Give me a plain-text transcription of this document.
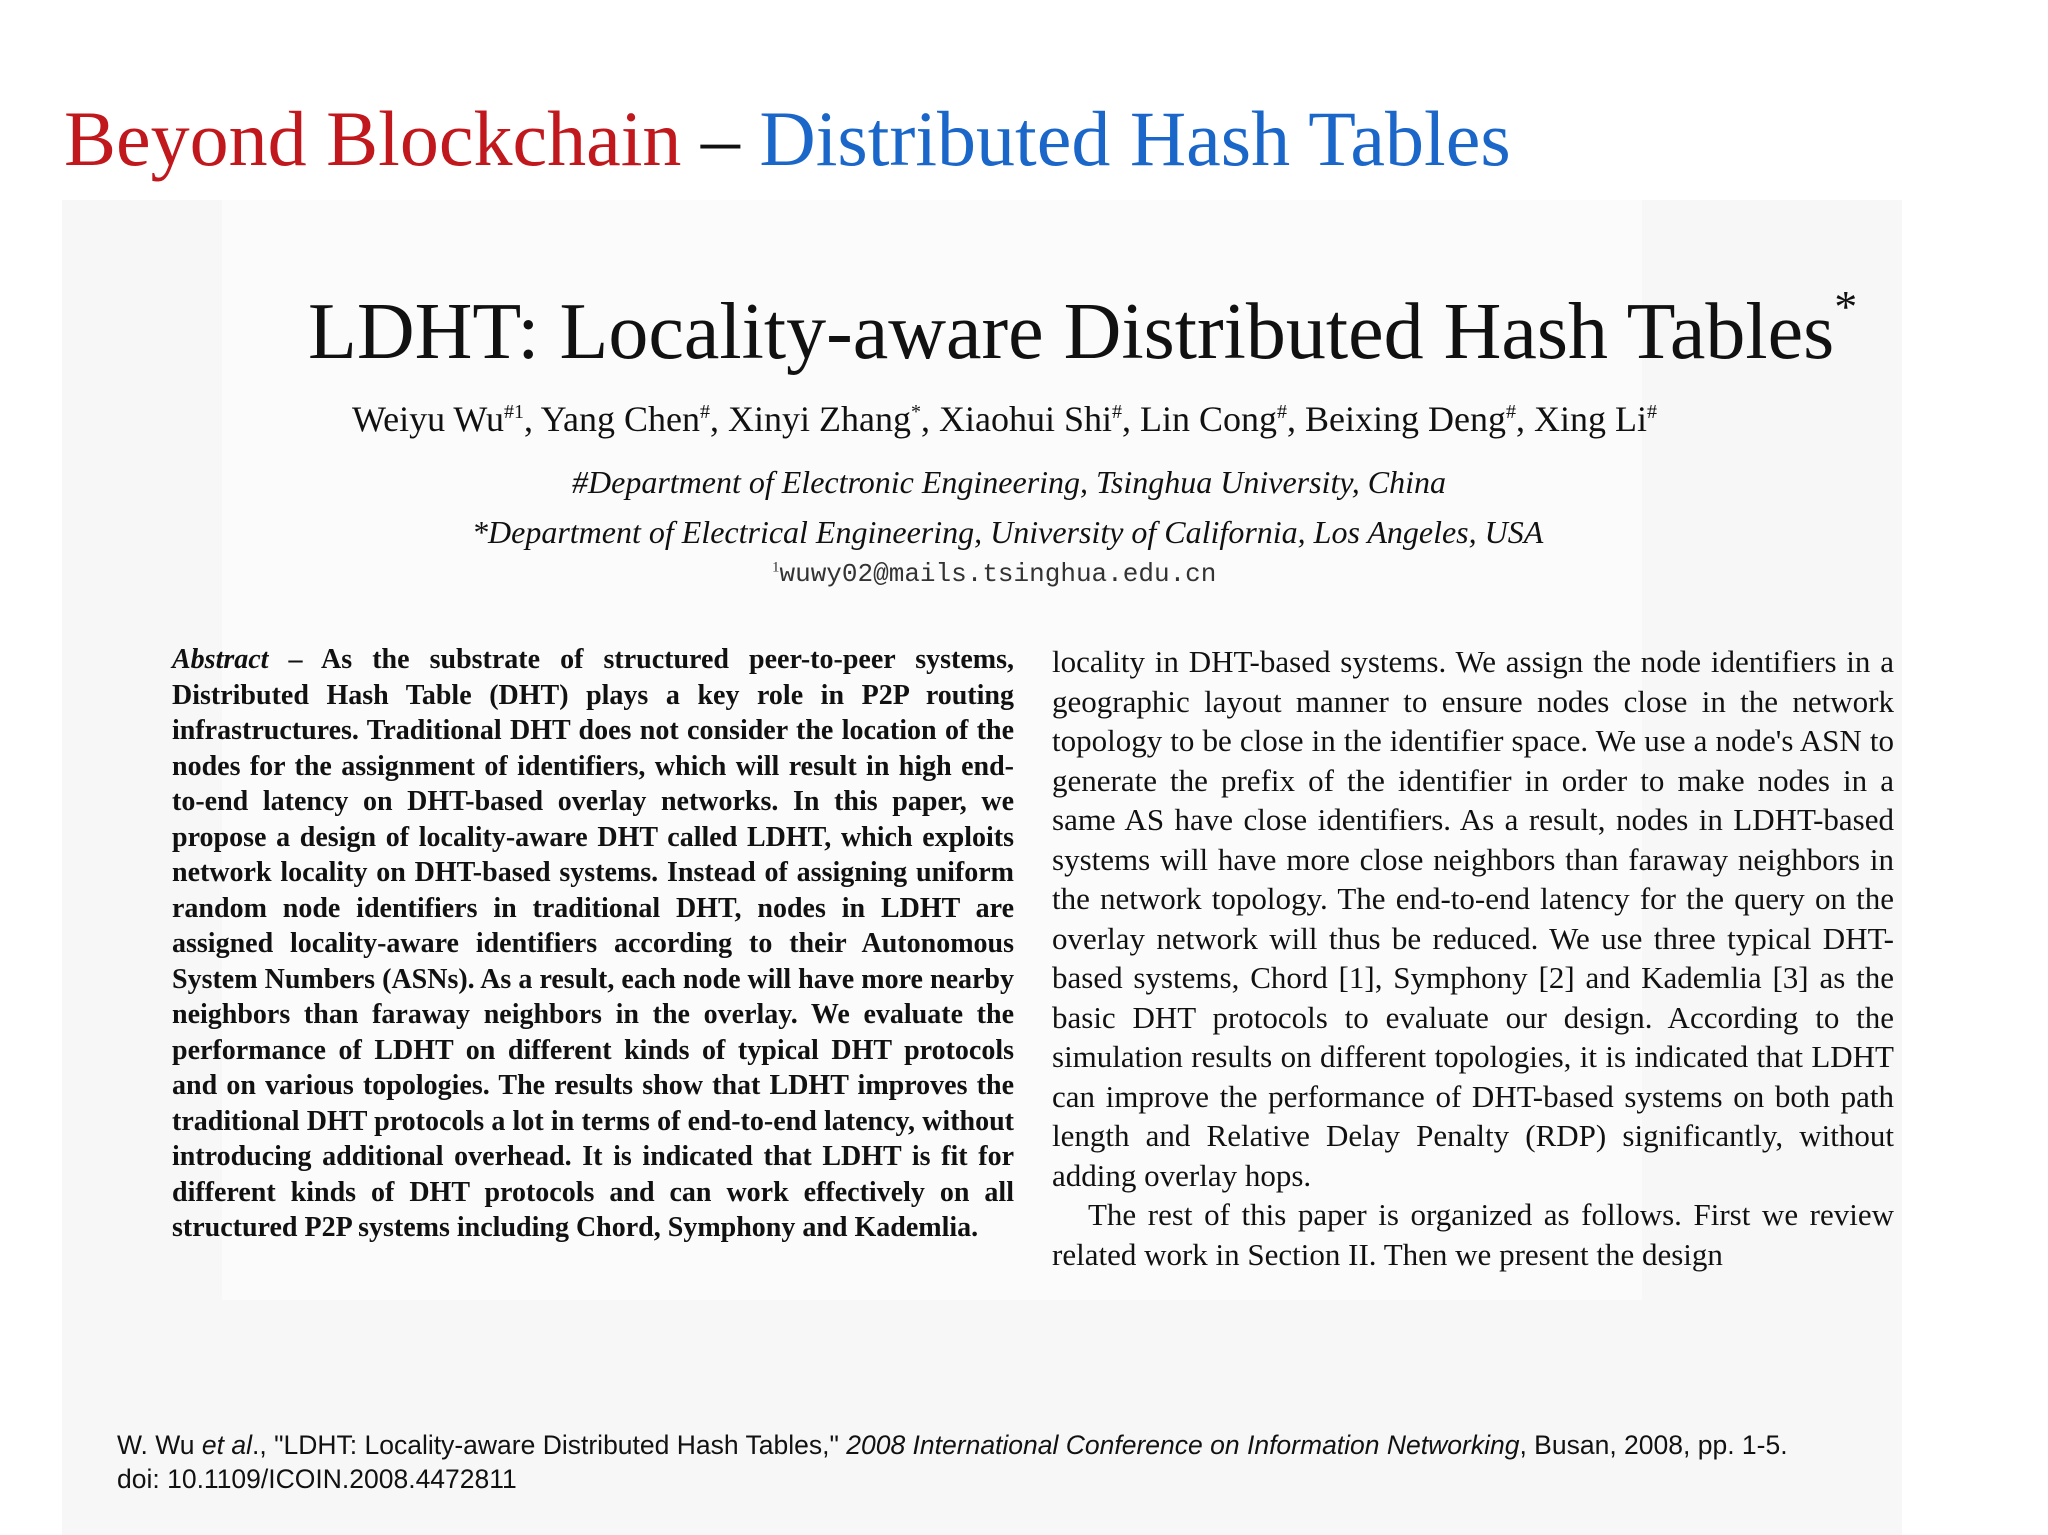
Beyond Blockchain – Distributed Hash Tables
LDHT: Locality-aware Distributed Hash Tables*
Weiyu Wu$^{\#1}$, Yang Chen#, Xinyi Zhang*, Xiaohui Shi#, Lin Cong#, Beixing Deng#, Xing Li#
#Department of Electronic Engineering, Tsinghua University, China
*Department of Electrical Engineering, University of California, Los Angeles, USA
$^1$wuwy02@mails.tsinghua.edu.cn

Abstract – As the substrate of structured peer-to-peer systems, Distributed Hash Table (DHT) plays a key role in P2P routing infrastructures. Traditional DHT does not consider the location of the nodes for the assignment of identifiers, which will result in high end-to-end latency on DHT-based overlay networks. In this paper, we propose a design of locality-aware DHT called LDHT, which exploits network locality on DHT-based systems. Instead of assigning uniform random node identifiers in traditional DHT, nodes in LDHT are assigned locality-aware identifiers according to their Autonomous System Numbers (ASNs). As a result, each node will have more nearby neighbors than faraway neighbors in the overlay. We evaluate the performance of LDHT on different kinds of typical DHT protocols and on various topologies. The results show that LDHT improves the traditional DHT protocols a lot in terms of end-to-end latency, without introducing additional overhead. It is indicated that LDHT is fit for different kinds of DHT protocols and can work effectively on all structured P2P systems including Chord, Symphony and Kademlia.

locality in DHT-based systems. We assign the node identifiers in a geographic layout manner to ensure nodes close in the network topology to be close in the identifier space. We use a node's ASN to generate the prefix of the identifier in order to make nodes in a same AS have close identifiers. As a result, nodes in LDHT-based systems will have more close neighbors than faraway neighbors in the network topology. The end-to-end latency for the query on the overlay network will thus be reduced. We use three typical DHT-based systems, Chord [1], Symphony [2] and Kademlia [3] as the basic DHT protocols to evaluate our design. According to the simulation results on different topologies, it is indicated that LDHT can improve the performance of DHT-based systems on both path length and Relative Delay Penalty (RDP) significantly, without adding overlay hops.

The rest of this paper is organized as follows. First we review related work in Section II. Then we present the design

W. Wu et al., "LDHT: Locality-aware Distributed Hash Tables," 2008 International Conference on Information Networking, Busan, 2008, pp. 1-5.
doi: 10.1109/ICOIN.2008.4472811
